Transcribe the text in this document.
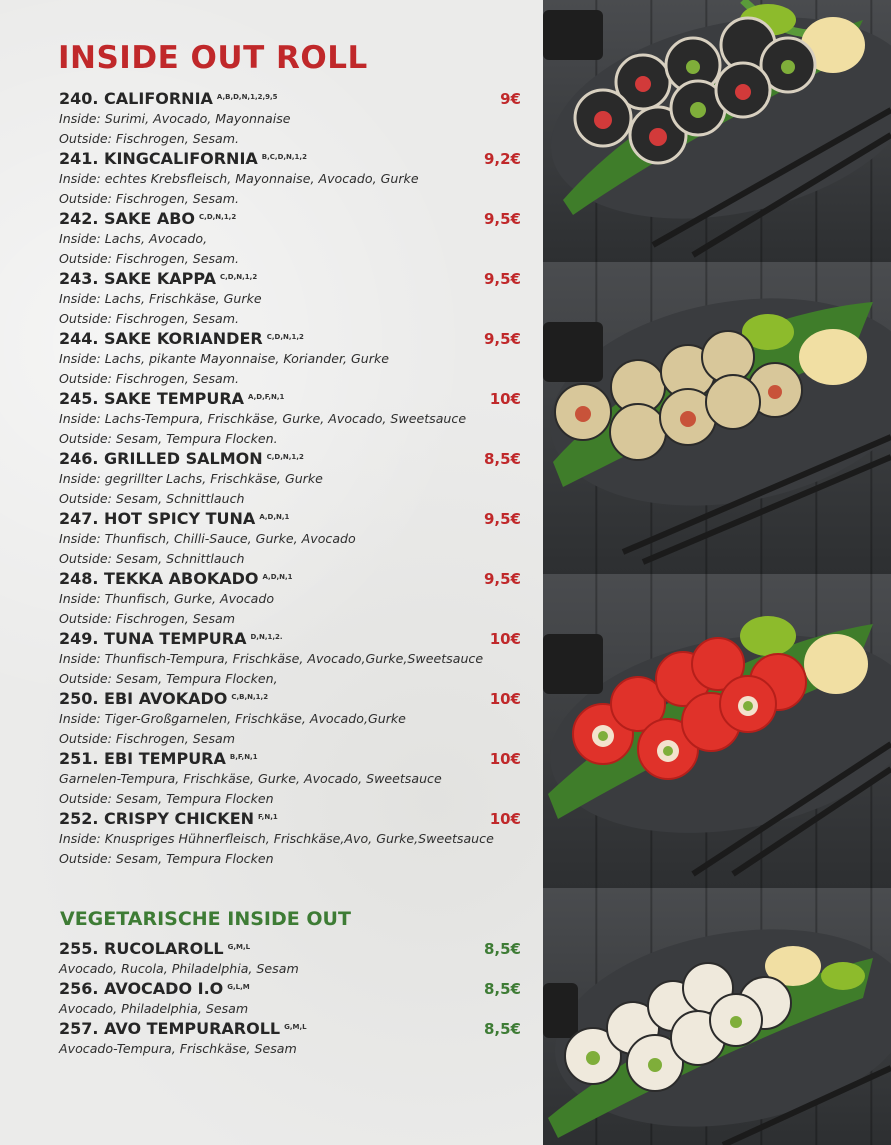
INSIDE OUT ROLL
240. CALIFORNIA $^{A,B,D,N,1,2,9,5}$	9€
Inside: Surimi, Avocado, Mayonnaise
Outside: Fischrogen, Sesam.
241. KINGCALIFORNIA $^{B,C,D,N,1,2}$	9,2€
Inside: echtes Krebsfleisch, Mayonnaise, Avocado, Gurke
Outside: Fischrogen, Sesam.
242. SAKE ABO $^{C,D,N,1,2}$	9,5€
Inside: Lachs, Avocado,
Outside: Fischrogen, Sesam.
243. SAKE KAPPA $^{C,D,N,1,2}$	9,5€
Inside: Lachs, Frischkäse, Gurke
Outside: Fischrogen, Sesam.
244. SAKE KORIANDER $^{C,D,N,1,2}$	9,5€
Inside: Lachs, pikante Mayonnaise, Koriander, Gurke
Outside: Fischrogen, Sesam.
245. SAKE TEMPURA $^{A,D,F,N,1}$	10€
Inside: Lachs-Tempura, Frischkäse, Gurke, Avocado, Sweetsauce
Outside: Sesam, Tempura Flocken.
246. GRILLED SALMON $^{C,D,N,1,2}$	8,5€
Inside: gegrillter Lachs, Frischkäse, Gurke
Outside: Sesam, Schnittlauch
247. HOT SPICY TUNA $^{A,D,N,1}$	9,5€
Inside: Thunfisch, Chilli-Sauce, Gurke, Avocado
Outside: Sesam, Schnittlauch
248. TEKKA ABOKADO $^{A,D,N,1}$	9,5€
Inside: Thunfisch, Gurke, Avocado
Outside: Fischrogen, Sesam
249. TUNA TEMPURA $^{D,N,1,2.}$	10€
Inside: Thunfisch-Tempura, Frischkäse, Avocado,Gurke,Sweetsauce
Outside: Sesam, Tempura Flocken,
250. EBI AVOKADO $^{C,B,N,1,2}$	10€
Inside: Tiger-Großgarnelen, Frischkäse, Avocado,Gurke
Outside: Fischrogen, Sesam
251. EBI TEMPURA $^{B,F,N,1}$	10€
Garnelen-Tempura, Frischkäse, Gurke, Avocado, Sweetsauce
Outside: Sesam, Tempura Flocken
252. CRISPY CHICKEN $^{F,N,1}$	10€
Inside: Knuspriges Hühnerfleisch, Frischkäse,Avo, Gurke,Sweetsauce
Outside: Sesam, Tempura Flocken
VEGETARISCHE INSIDE OUT
255. RUCOLAROLL $^{G,M,L}$	8,5€
Avocado, Rucola, Philadelphia, Sesam
256. AVOCADO I.O $^{G,L,M}$	8,5€
Avocado, Philadelphia, Sesam
257. AVO TEMPURAROLL $^{G,M,L}$	8,5€
Avocado-Tempura, Frischkäse, Sesam
